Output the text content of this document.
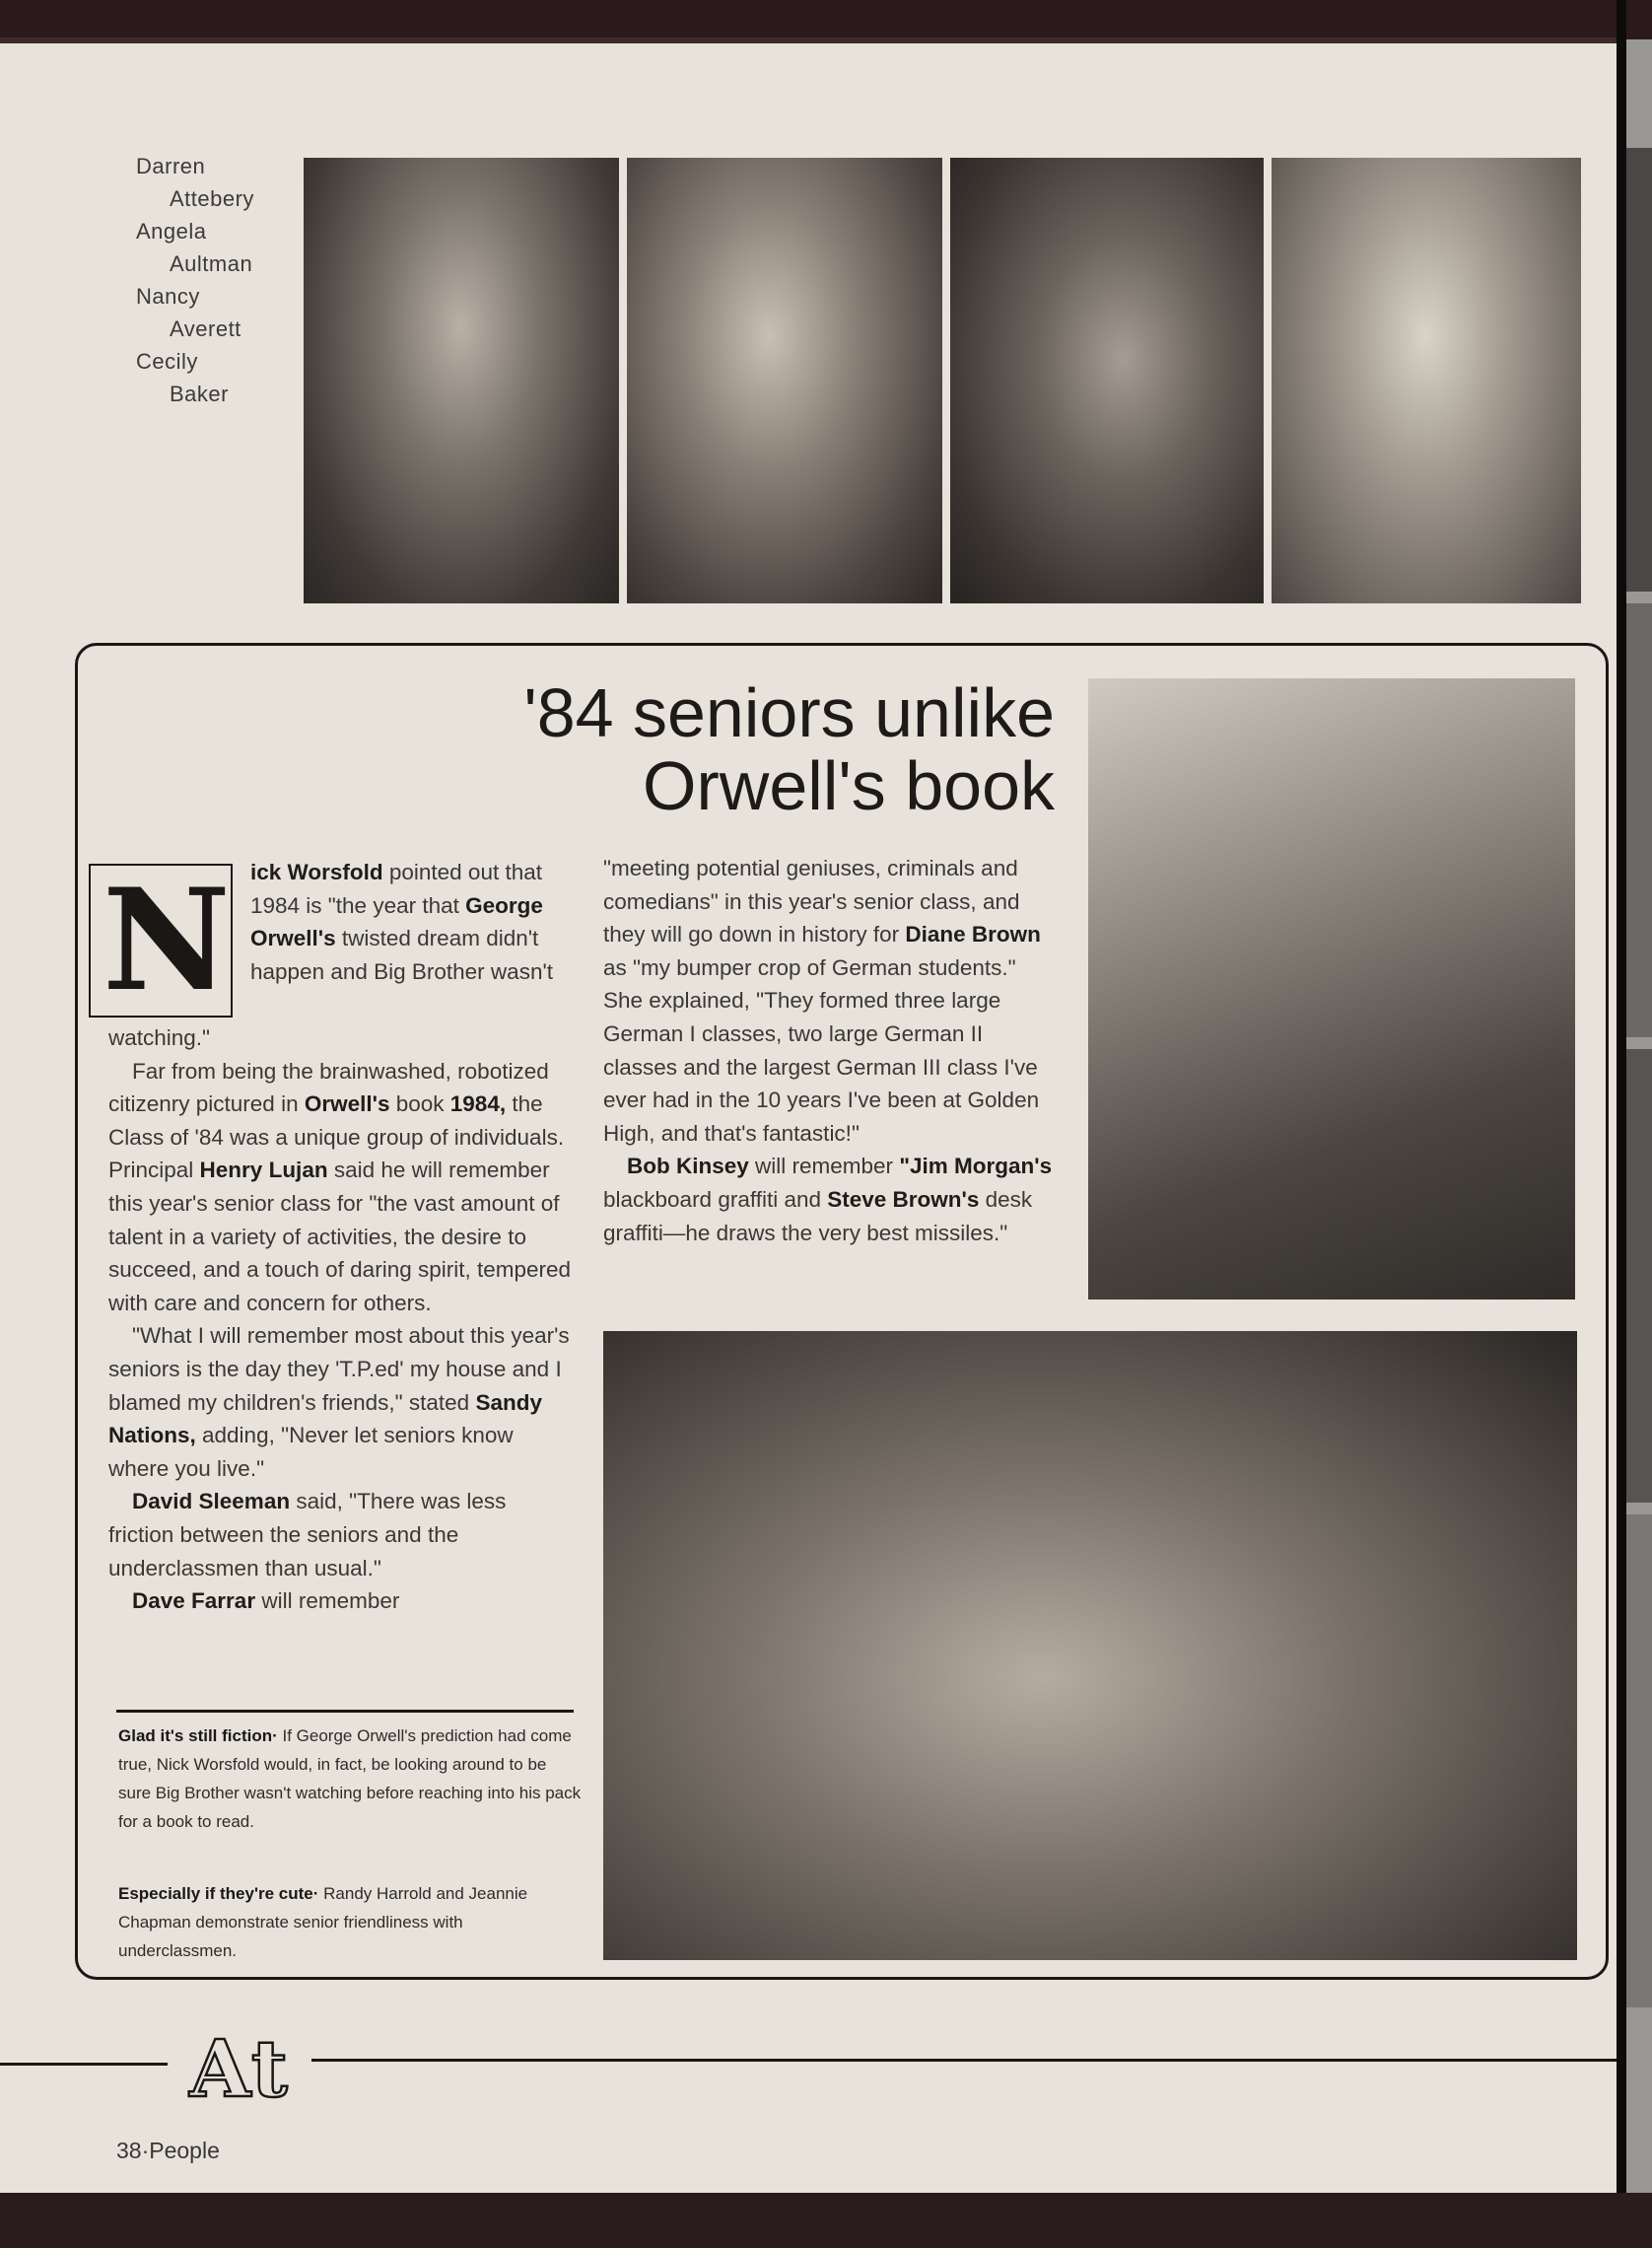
Darren
Attebery
Angela
Aultman
Nancy
Averett
Cecily
Baker
'84 seniors unlike
Orwell's book
N ick Worsfold pointed out that 1984 is "the year that George Orwell's twisted dream didn't happen and Big Brother wasn't

watching."

Far from being the brainwashed, robotized citizenry pictured in Orwell's book 1984, the Class of '84 was a unique group of individuals. Principal Henry Lujan said he will remember this year's senior class for "the vast amount of talent in a variety of activities, the desire to succeed, and a touch of daring spirit, tempered with care and concern for others.

"What I will remember most about this year's seniors is the day they 'T.P.ed' my house and I blamed my children's friends," stated Sandy Nations, adding, "Never let seniors know where you live."

David Sleeman said, "There was less friction between the seniors and the underclassmen than usual."

Dave Farrar will remember

"meeting potential geniuses, criminals and comedians" in this year's senior class, and they will go down in history for Diane Brown as "my bumper crop of German students." She explained, "They formed three large German I classes, two large German II classes and the largest German III class I've ever had in the 10 years I've been at Golden High, and that's fantastic!"

Bob Kinsey will remember "Jim Morgan's blackboard graffiti and Steve Brown's desk graffiti—he draws the very best missiles."

Glad it's still fiction· If George Orwell's prediction had come true, Nick Worsfold would, in fact, be looking around to be sure Big Brother wasn't watching before reaching into his pack for a book to read.
Especially if they're cute· Randy Harrold and Jeannie Chapman demonstrate senior friendliness with underclassmen.
At
38·People
